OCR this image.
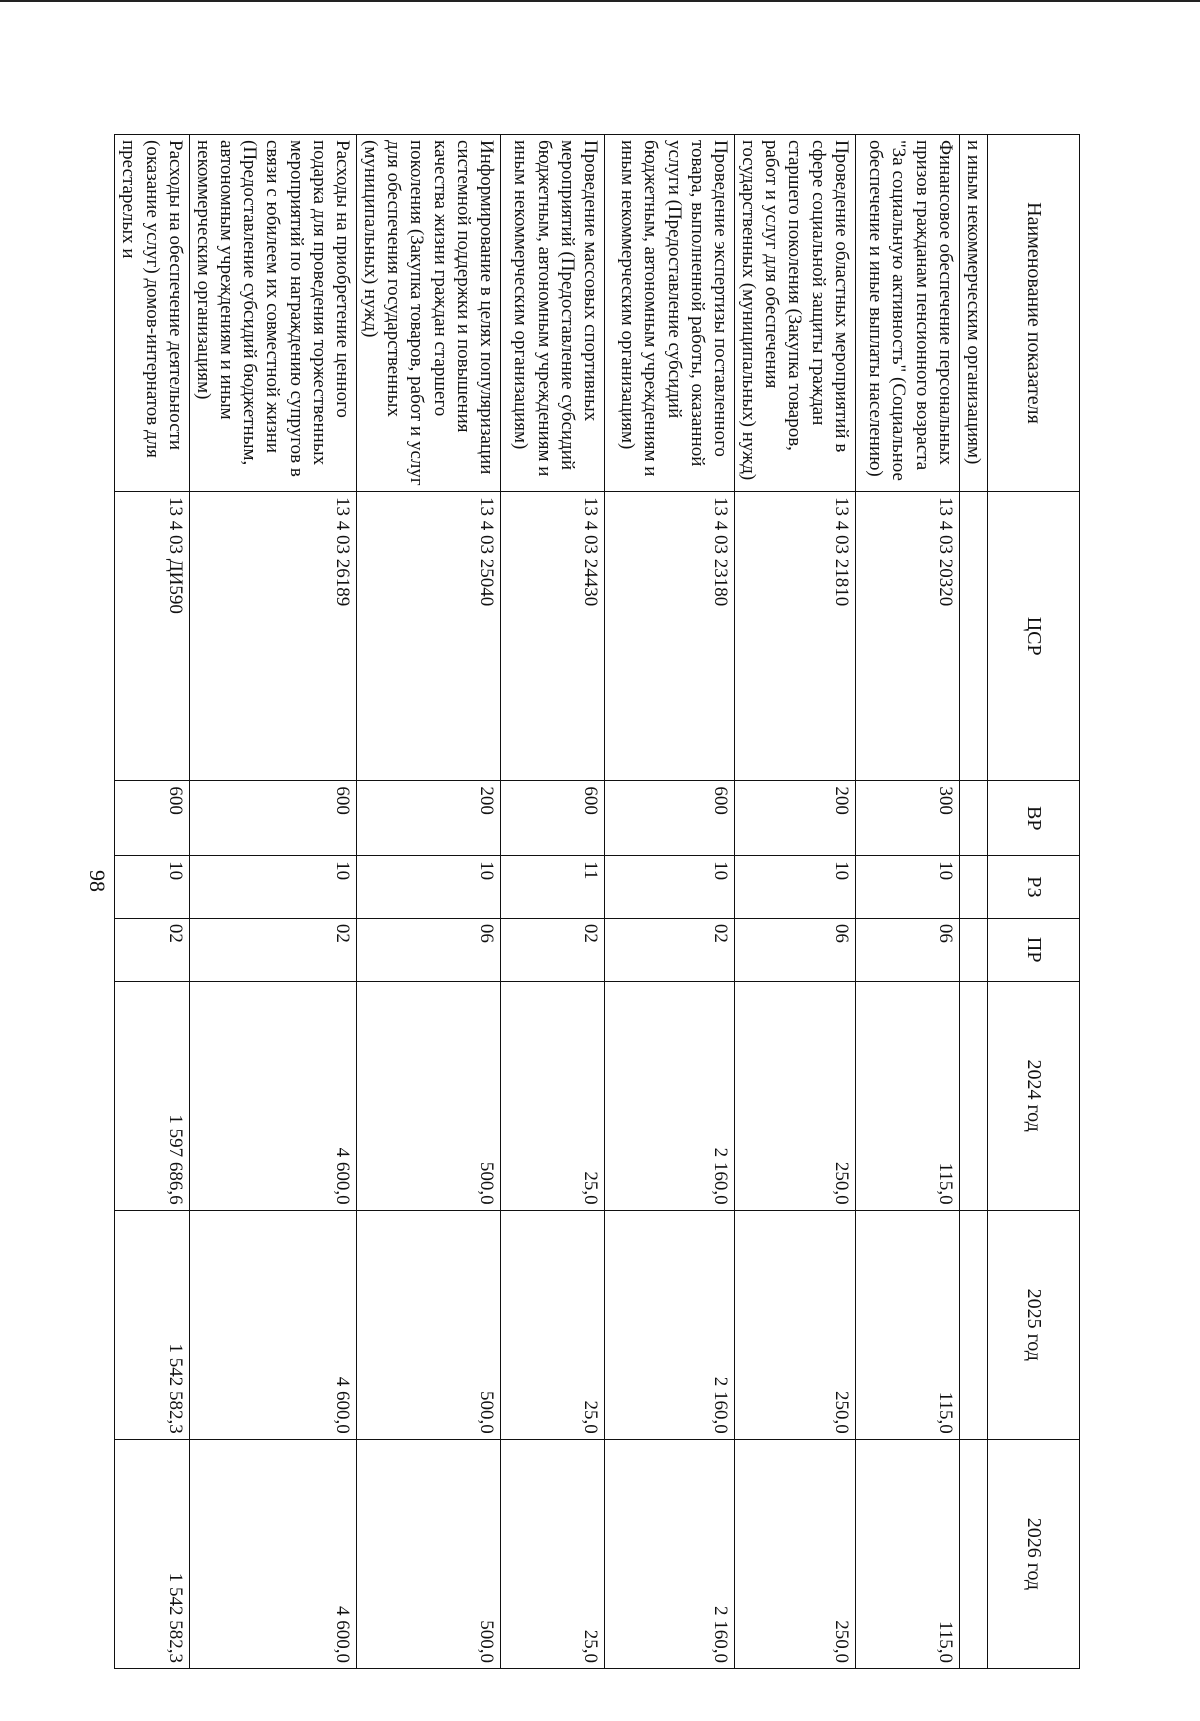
98
Наименование показателя	ЦСР	ВР	РЗ	ПР	2024 год	2025 год	2026 год
и иным некоммерческим организациям)							
Финансовое обеспечение персональных призов гражданам пенсионного возраста "За социальную активность" (Социальное обеспечение и иные выплаты населению)	13 4 03 20320	300	10	06	115,0	115,0	115,0
Проведение областных мероприятий в сфере социальной защиты граждан старшего поколения (Закупка товаров, работ и услуг для обеспечения государственных (муниципальных) нужд)	13 4 03 21810	200	10	06	250,0	250,0	250,0
Проведение экспертизы поставленного товара, выполненной работы, оказанной услуги (Предоставление субсидий бюджетным, автономным учреждениям и иным некоммерческим организациям)	13 4 03 23180	600	10	02	2 160,0	2 160,0	2 160,0
Проведение массовых спортивных мероприятий (Предоставление субсидий бюджетным, автономным учреждениям и иным некоммерческим организациям)	13 4 03 24430	600	11	02	25,0	25,0	25,0
Информирование в целях популяризации системной поддержки и повышения качества жизни граждан старшего поколения (Закупка товаров, работ и услуг для обеспечения государственных (муниципальных) нужд)	13 4 03 25040	200	10	06	500,0	500,0	500,0
Расходы на приобретение ценного подарка для проведения торжественных мероприятий по награждению супругов в связи с юбилеем их совместной жизни (Предоставление субсидий бюджетным, автономным учреждениям и иным некоммерческим организациям)	13 4 03 26189	600	10	02	4 600,0	4 600,0	4 600,0
Расходы на обеспечение деятельности (оказание услуг) домов-интернатов для престарелых и	13 4 03 ДИ590	600	10	02	1 597 686,6	1 542 582,3	1 542 582,3
